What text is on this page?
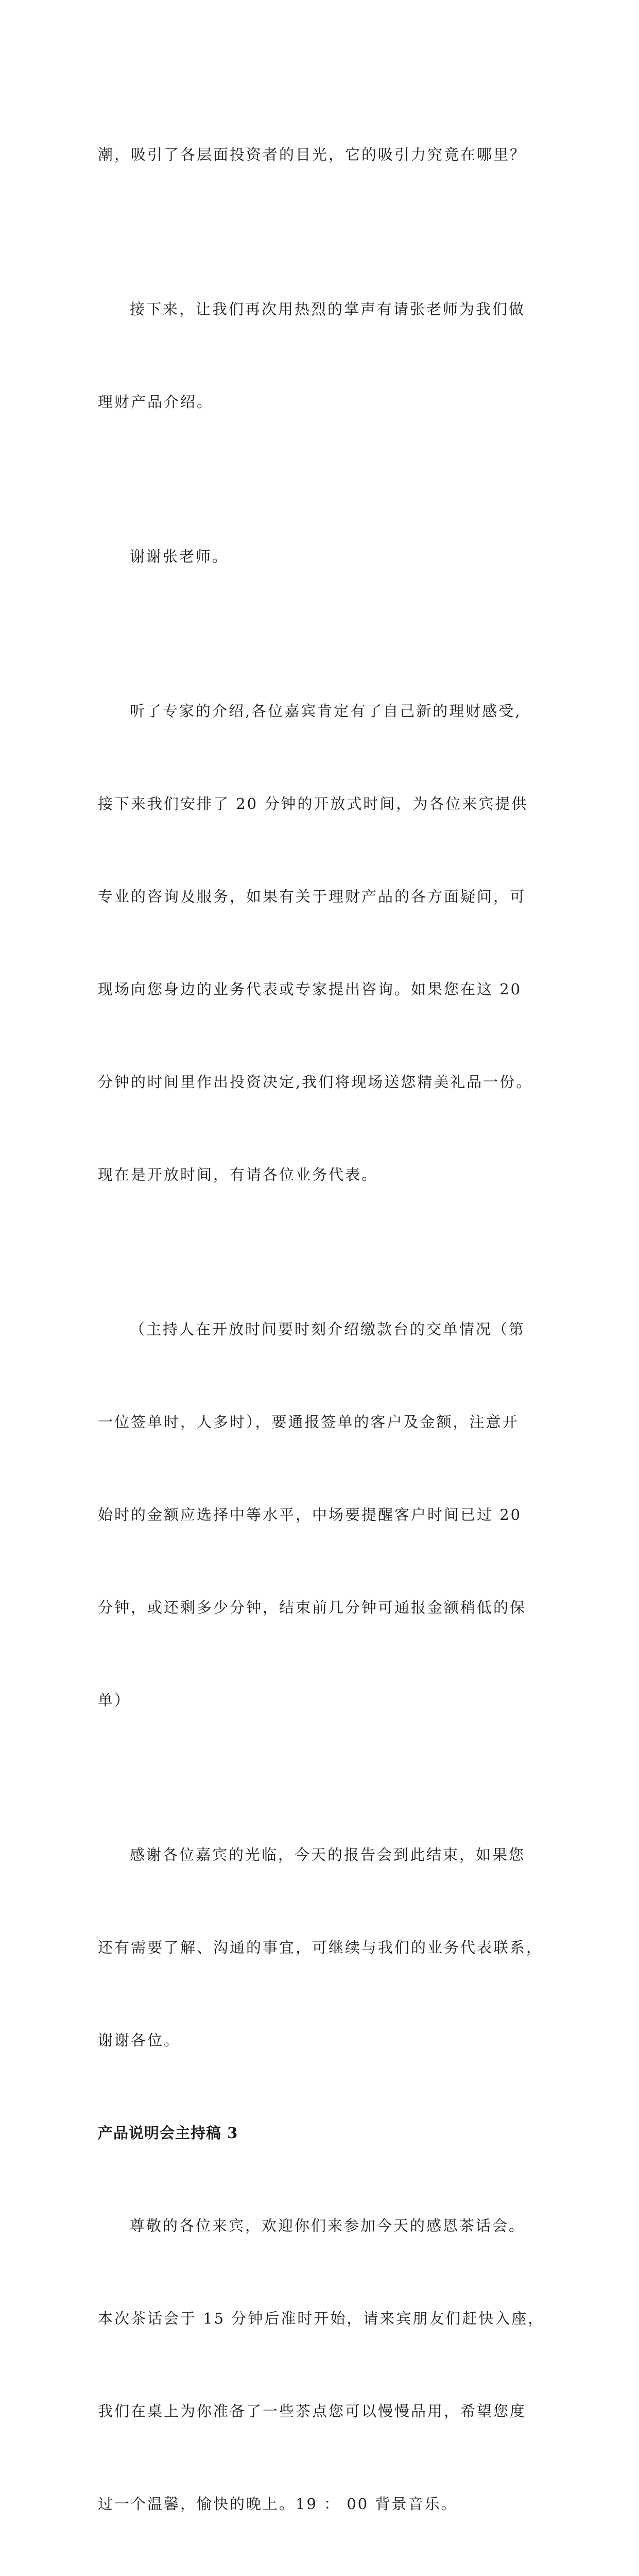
潮，吸引了各层面投资者的目光，它的吸引力究竟在哪里？

接下来，让我们再次用热烈的掌声有请张老师为我们做

理财产品介绍。

谢谢张老师。

听了专家的介绍,各位嘉宾肯定有了自己新的理财感受,

接下来我们安排了 20 分钟的开放式时间，为各位来宾提供

专业的咨询及服务，如果有关于理财产品的各方面疑问，可

现场向您身边的业务代表或专家提出咨询。如果您在这 20

分钟的时间里作出投资决定,我们将现场送您精美礼品一份。

现在是开放时间，有请各位业务代表。

（主持人在开放时间要时刻介绍缴款台的交单情况（第

一位签单时，人多时），要通报签单的客户及金额，注意开

始时的金额应选择中等水平，中场要提醒客户时间已过 20

分钟，或还剩多少分钟，结束前几分钟可通报金额稍低的保

单）

感谢各位嘉宾的光临，今天的报告会到此结束，如果您

还有需要了解、沟通的事宜，可继续与我们的业务代表联系，

谢谢各位。

产品说明会主持稿 3

尊敬的各位来宾，欢迎你们来参加今天的感恩茶话会。

本次茶话会于 15 分钟后准时开始，请来宾朋友们赶快入座，

我们在桌上为你准备了一些茶点您可以慢慢品用，希望您度

过一个温馨，愉快的晚上。19 ： 00 背景音乐。
